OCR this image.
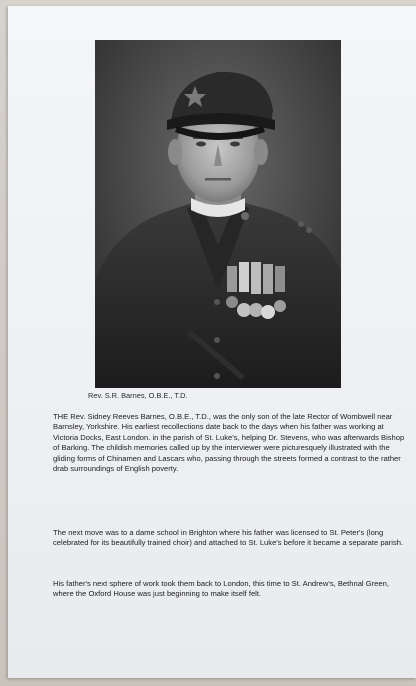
Rev. S.R. Barnes, O.B.E., T.D.

THE Rev. Sidney Reeves Barnes, O.B.E., T.D., was the only son of the late Rector of Wombwell near Barnsley, Yorkshire. His earliest recollections date back to the days when his father was working at Victoria Docks, East London. in the parish of St. Luke's, helping Dr. Stevens, who was afterwards Bishop of Barking. The childish memories called up by the interviewer were picturesquely illustrated with the gliding forms of Chinamen and Lascars who, passing through the streets formed a contrast to the rather drab surroundings of English poverty.

The next move was to a dame school in Brighton where his father was licensed to St. Peter's (long celebrated for its beautifully trained choir) and attached to St. Luke's before it became a separate parish.

His father's next sphere of work took them back to London, this time to St. Andrew's, Bethnal Green, where the Oxford House was just beginning to make itself felt.
